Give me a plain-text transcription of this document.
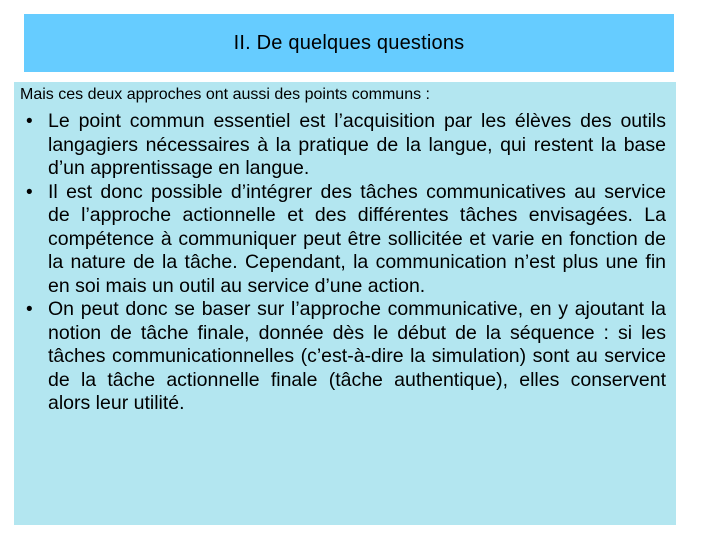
II. De quelques questions

Mais ces deux approches ont aussi des points communs :

• Le point commun essentiel est l’acquisition par les élèves des outils langagiers nécessaires à la pratique de la langue, qui restent la base d’un apprentissage en langue.
• Il est donc possible d’intégrer des tâches communicatives au service de l’approche actionnelle et des différentes tâches envisagées. La compétence à communiquer peut être sollicitée et varie en fonction de la nature de la tâche. Cependant, la communication n’est plus une fin en soi mais un outil au service d’une action.
• On peut donc se baser sur l’approche communicative, en y ajoutant la notion de tâche finale, donnée dès le début de la séquence : si les tâches communicationnelles (c’est-à-dire la simulation) sont au service de la tâche actionnelle finale (tâche authentique), elles conservent alors leur utilité.
